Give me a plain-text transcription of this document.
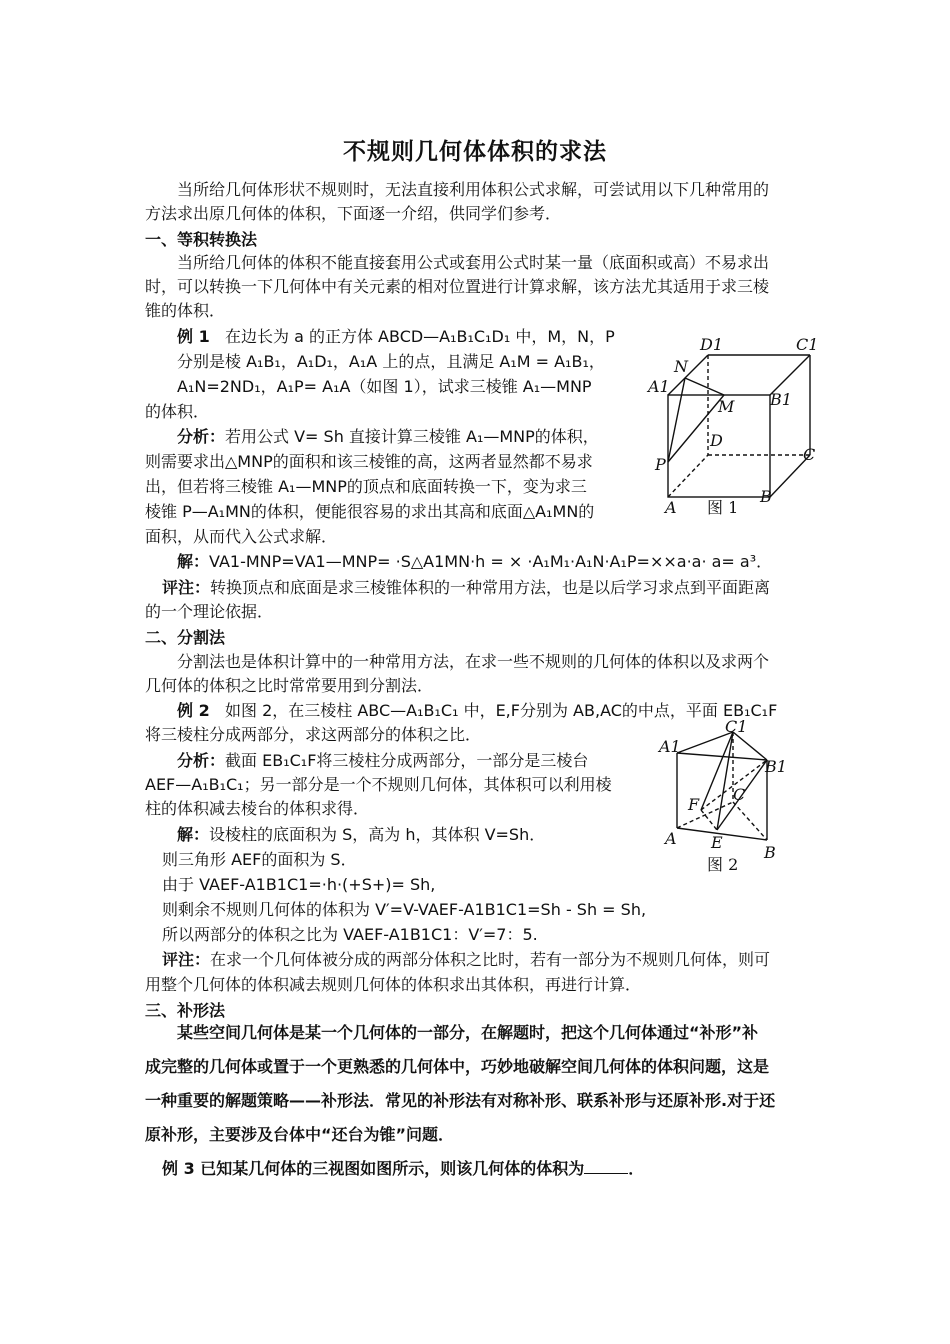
不规则几何体体积的求法
当所给几何体形状不规则时，无法直接利用体积公式求解，可尝试用以下几种常用的
方法求出原几何体的体积，下面逐一介绍，供同学们参考．
一、等积转换法
当所给几何体的体积不能直接套用公式或套用公式时某一量（底面积或高）不易求出
时，可以转换一下几何体中有关元素的相对位置进行计算求解，该方法尤其适用于求三棱
锥的体积．
例 1 在边长为 a 的正方体 ABCD—A₁B₁C₁D₁ 中，M，N，P
分别是棱 A₁B₁，A₁D₁，A₁A 上的点，且满足 A₁M = A₁B₁，
A₁N=2ND₁，A₁P= A₁A（如图 1），试求三棱锥 A₁—MNP
的体积．
分析：若用公式 V= Sh 直接计算三棱锥 A₁—MNP的体积，
则需要求出△MNP的面积和该三棱锥的高，这两者显然都不易求
出，但若将三棱锥 A₁—MNP的顶点和底面转换一下，变为求三
棱锥 P—A₁MN的体积，便能很容易的求出其高和底面△A₁MN的
面积，从而代入公式求解．
解：VA1-MNP=VA1—MNP= ·S△A1MN·h = × ·A₁M₁·A₁N·A₁P=××a·a· a= a³．
评注：转换顶点和底面是求三棱锥体积的一种常用方法，也是以后学习求点到平面距离
的一个理论依据．
D1	C1
N
A1
M B1
D
C
P
A
B
图 1
二、分割法
分割法也是体积计算中的一种常用方法，在求一些不规则的几何体的体积以及求两个
几何体的体积之比时常常要用到分割法．
例 2 如图 2，在三棱柱 ABC—A₁B₁C₁ 中，E,F分别为 AB,AC的中点，平面 EB₁C₁F
将三棱柱分成两部分，求这两部分的体积之比．
分析：截面 EB₁C₁F将三棱柱分成两部分，一部分是三棱台
AEF—A₁B₁C₁；另一部分是一个不规则几何体，其体积可以利用棱
柱的体积减去棱台的体积求得．
解：设棱柱的底面积为 S，高为 h，其体积 V=Sh．
则三角形 AEF的面积为 S．
由于 VAEF-A1B1C1=·h·(+S+)= Sh,
则剩余不规则几何体的体积为 V′=V-VAEF-A1B1C1=Sh - Sh = Sh,
所以两部分的体积之比为 VAEF-A1B1C1：V′=7：5.
评注：在求一个几何体被分成的两部分体积之比时，若有一部分为不规则几何体，则可
用整个几何体的体积减去规则几何体的体积求出其体积，再进行计算．
A1
C1
B1
F
C
A E
B
图 2
三、补形法
某些空间几何体是某一个几何体的一部分，在解题时，把这个几何体通过“补形”补
成完整的几何体或置于一个更熟悉的几何体中，巧妙地破解空间几何体的体积问题，这是
一种重要的解题策略——补形法．常见的补形法有对称补形、联系补形与还原补形.对于还
原补形，主要涉及台体中“还台为锥”问题．
例 3 已知某几何体的三视图如图所示，则该几何体的体积为	．
